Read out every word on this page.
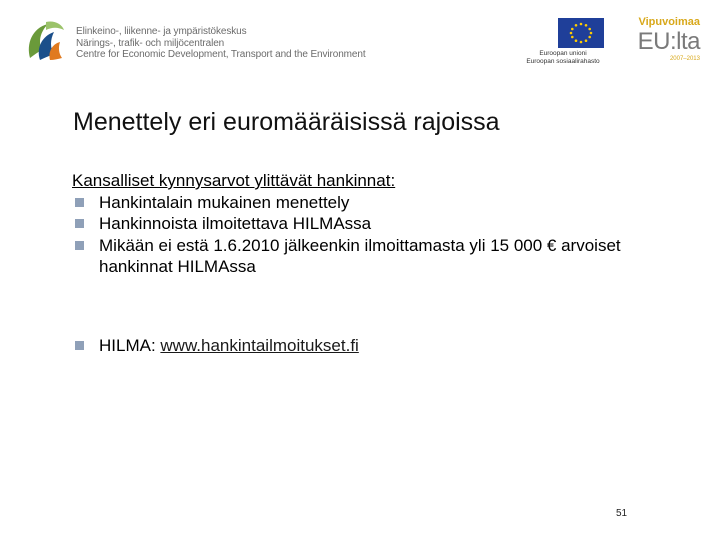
Elinkeino-, liikenne- ja ympäristökeskus
Närings-, trafik- och miljöcentralen
Centre for Economic Development, Transport and the Environment	Euroopan unioni
Euroopan sosiaalirahasto
Vipuvoimaa
EU:lta
2007–2013
Menettely eri euromääräisissä rajoissa
Kansalliset kynnysarvot ylittävät hankinnat:
Hankintalain mukainen menettely
Hankinnoista ilmoitettava HILMAssa
Mikään ei estä 1.6.2010 jälkeenkin ilmoittamasta yli 15 000 € arvoiset hankinnat HILMAssa
HILMA: www.hankintailmoitukset.fi
51
